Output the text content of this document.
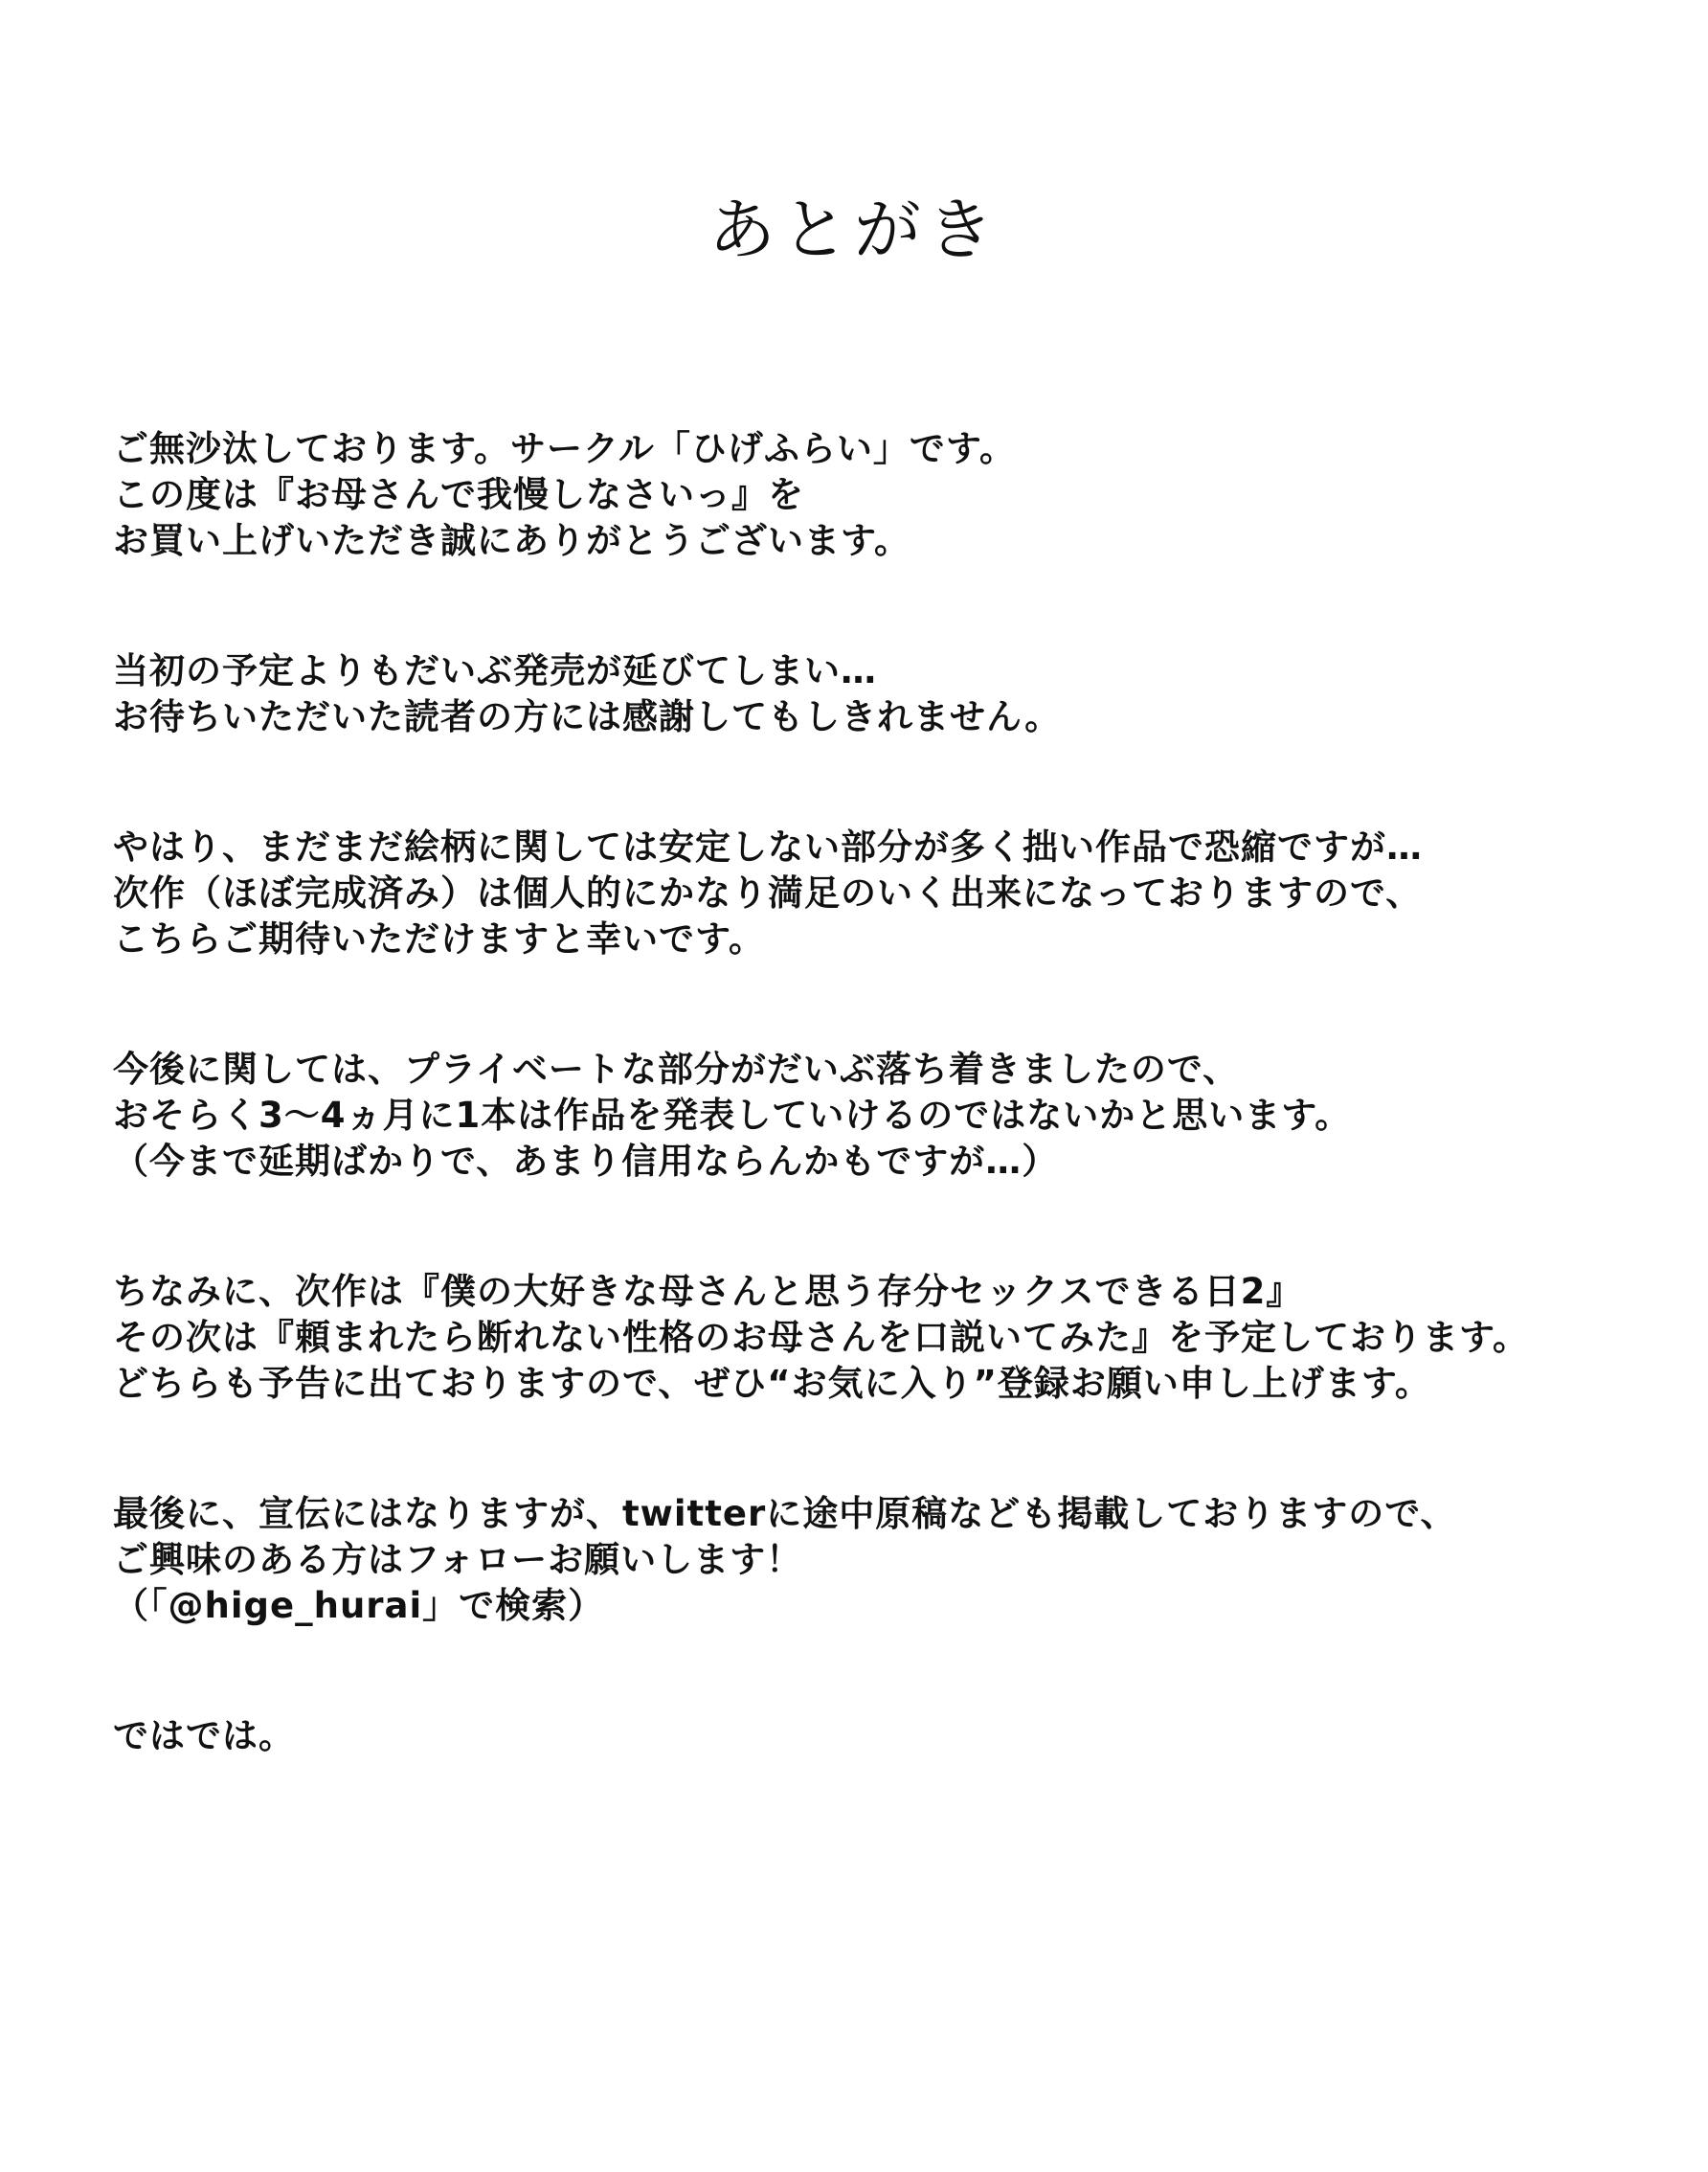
あとがき
ご無沙汰しております。サークル「ひげふらい」です。
この度は『お母さんで我慢しなさいっ』を
お買い上げいただき誠にありがとうございます。
当初の予定よりもだいぶ発売が延びてしまい…
お待ちいただいた読者の方には感謝してもしきれません。
やはり、まだまだ絵柄に関しては安定しない部分が多く拙い作品で恐縮ですが…
次作（ほぼ完成済み）は個人的にかなり満足のいく出来になっておりますので、
こちらご期待いただけますと幸いです。
今後に関しては、プライベートな部分がだいぶ落ち着きましたので、
おそらく3〜4ヵ月に1本は作品を発表していけるのではないかと思います。
（今まで延期ばかりで、あまり信用ならんかもですが…）
ちなみに、次作は『僕の大好きな母さんと思う存分セックスできる日2』
その次は『頼まれたら断れない性格のお母さんを口説いてみた』を予定しております。
どちらも予告に出ておりますので、ぜひ“お気に入り”登録お願い申し上げます。
最後に、宣伝にはなりますが、twitterに途中原稿なども掲載しておりますので、
ご興味のある方はフォローお願いします！
（「@hige_hurai」で検索）
ではでは。
